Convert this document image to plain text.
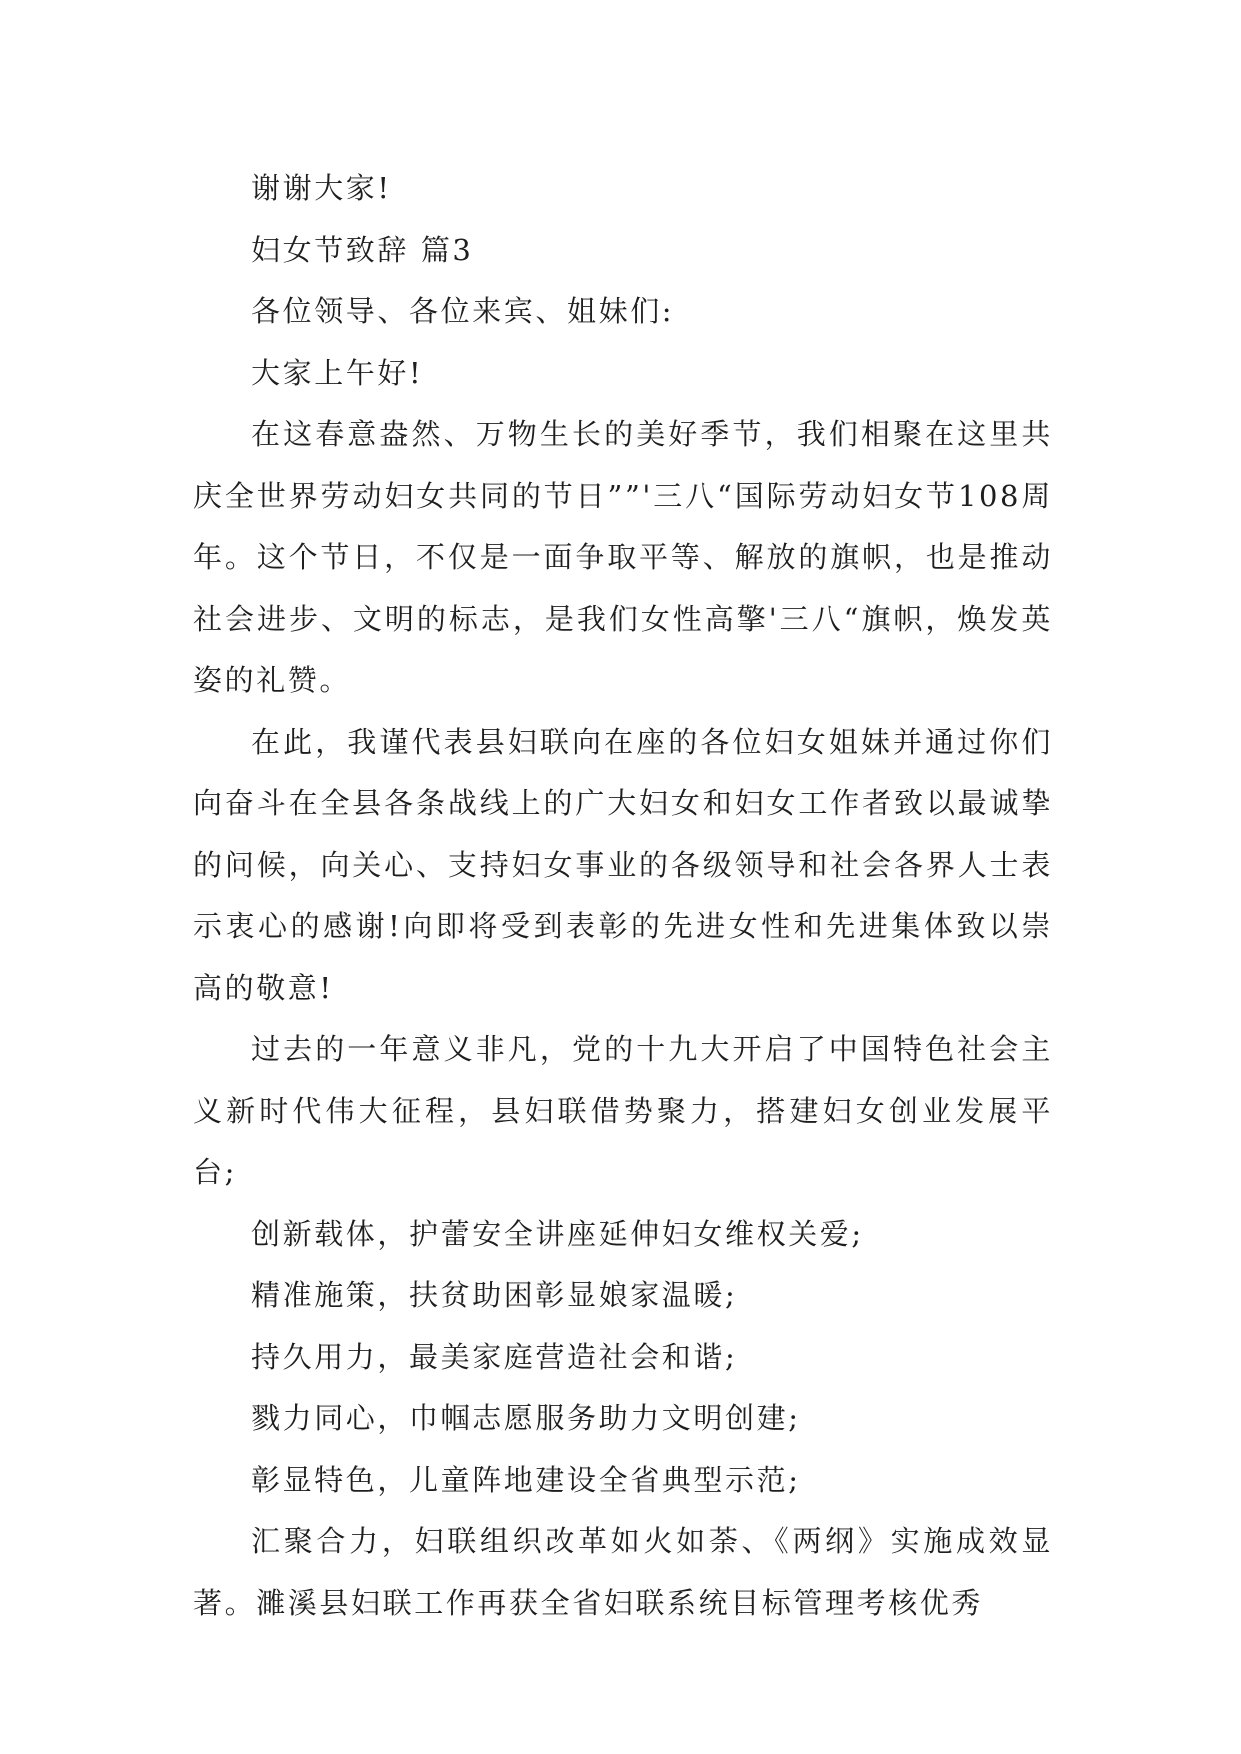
谢谢大家!

妇女节致辞 篇3

各位领导、各位来宾、姐妹们:

大家上午好!

在这春意盎然、万物生长的美好季节，我们相聚在这里共庆全世界劳动妇女共同的节日””'三八“国际劳动妇女节108周年。这个节日，不仅是一面争取平等、解放的旗帜，也是推动社会进步、文明的标志，是我们女性高擎'三八“旗帜，焕发英姿的礼赞。

在此，我谨代表县妇联向在座的各位妇女姐妹并通过你们向奋斗在全县各条战线上的广大妇女和妇女工作者致以最诚挚的问候，向关心、支持妇女事业的各级领导和社会各界人士表示衷心的感谢!向即将受到表彰的先进女性和先进集体致以崇高的敬意!

过去的一年意义非凡，党的十九大开启了中国特色社会主义新时代伟大征程，县妇联借势聚力，搭建妇女创业发展平台;

创新载体，护蕾安全讲座延伸妇女维权关爱;

精准施策，扶贫助困彰显娘家温暖;

持久用力，最美家庭营造社会和谐;

戮力同心，巾帼志愿服务助力文明创建;

彰显特色，儿童阵地建设全省典型示范;

汇聚合力，妇联组织改革如火如荼、《两纲》实施成效显著。濉溪县妇联工作再获全省妇联系统目标管理考核优秀
